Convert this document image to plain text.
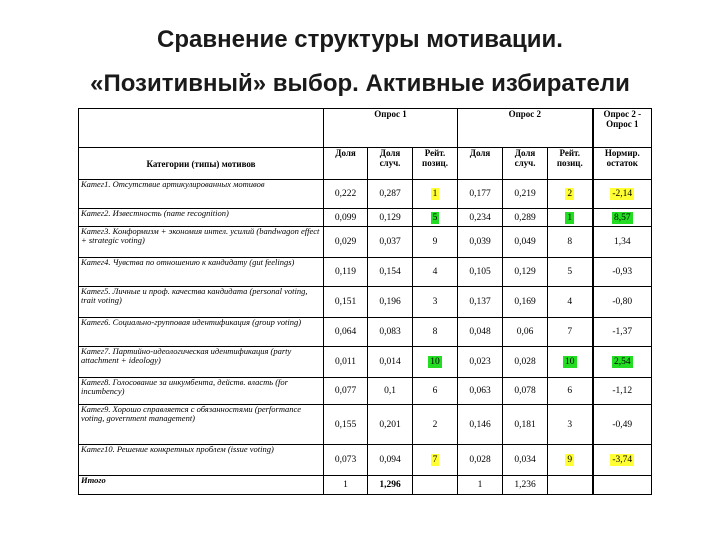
Сравнение структуры мотивации.
«Позитивный» выбор. Активные избиратели
	Опрос 1			Опрос 2			Опрос 2 - Опрос 1
Категории (типы) мотивов	Доля	Доля случ.	Рейт. позиц.	Доля	Доля случ.	Рейт. позиц.	Нормир. остаток
Катег1. Отсутствие артикулированных мотивов	0,222	0,287	1	0,177	0,219	2	-2,14
Катег2. Известность (name recognition)	0,099	0,129	5	0,234	0,289	1	8,57
Катег3. Конформизм + экономия интел. усилий (bandwagon effect + strategic voting)	0,029	0,037	9	0,039	0,049	8	1,34
Катег4. Чувства по отношению к кандидату (gut feelings)	0,119	0,154	4	0,105	0,129	5	-0,93
Катег5. Личные и проф. качества кандидата (personal voting, trait voting)	0,151	0,196	3	0,137	0,169	4	-0,80
Катег6. Социально-групповая идентификация (group voting)	0,064	0,083	8	0,048	0,06	7	-1,37
Катег7. Партийно-идеологическая идентификация (party attachment + ideology)	0,011	0,014	10	0,023	0,028	10	2,54
Катег8. Голосование за инкумбента, действ. власть (for incumbency)	0,077	0,1	6	0,063	0,078	6	-1,12
Катег9. Хорошо справляется с обязанностями (performance voting, government management)	0,155	0,201	2	0,146	0,181	3	-0,49
Катег10. Решение конкретных проблем (issue voting)	0,073	0,094	7	0,028	0,034	9	-3,74
Итого	1	1,296		1	1,236		
